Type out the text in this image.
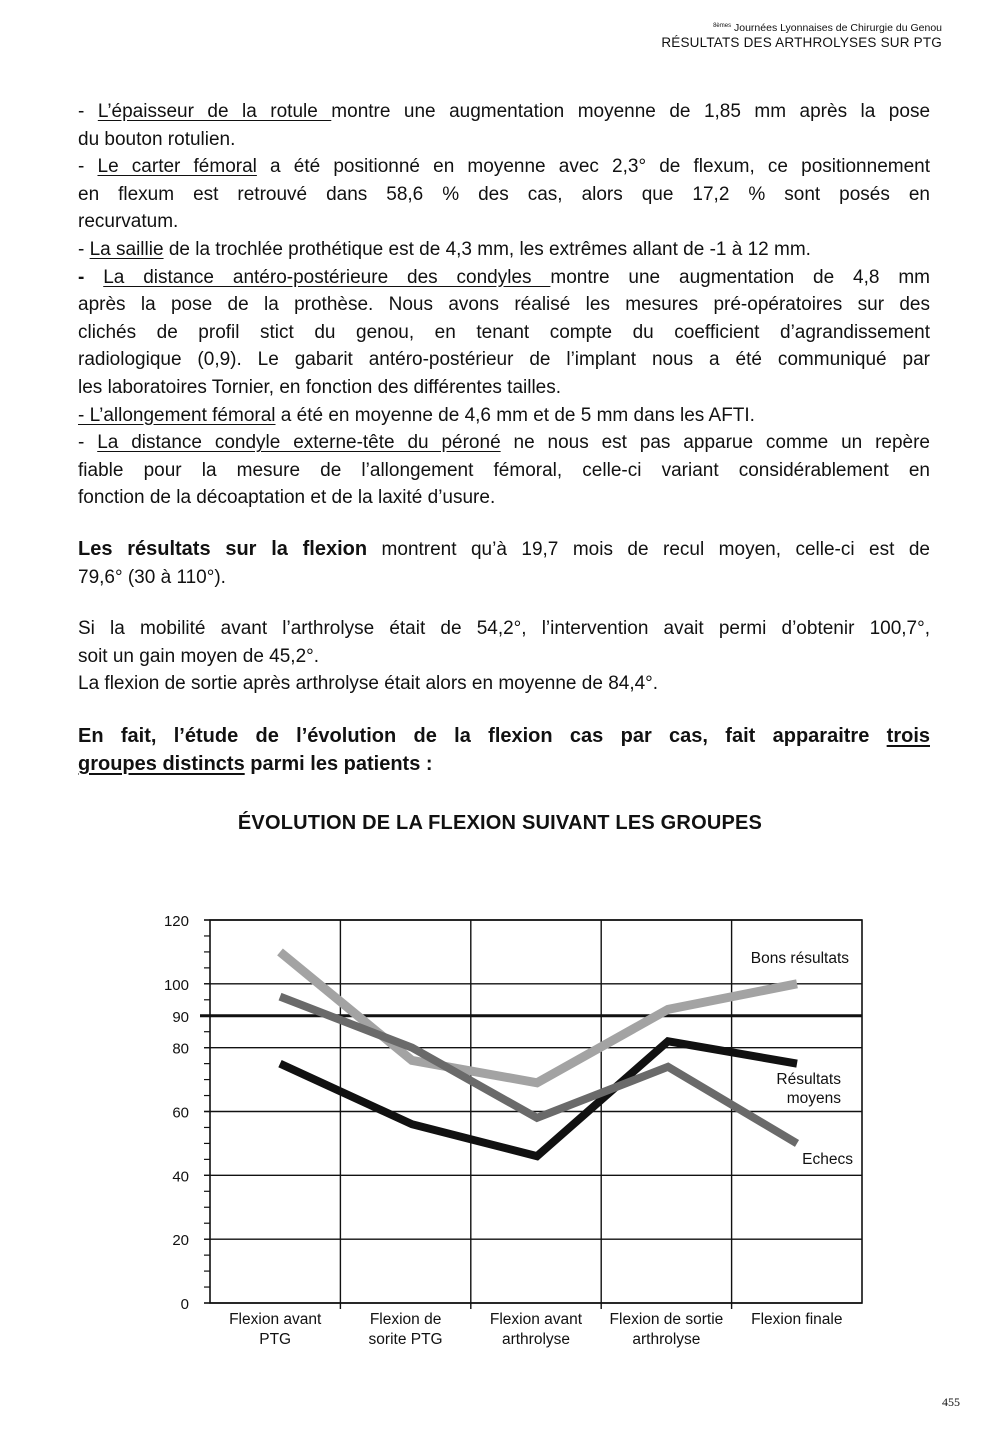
$^{8èmes}$ Journées Lyonnaises de Chirurgie du Genou
RÉSULTATS DES ARTHROLYSES SUR PTG

- L’épaisseur de la rotule montre une augmentation moyenne de 1,85 mm après la pose

du bouton rotulien.

- Le carter fémoral a été positionné en moyenne avec 2,3° de flexum, ce positionnement

en flexum est retrouvé dans 58,6 % des cas, alors que 17,2 % sont posés en

recurvatum.

- La saillie de la trochlée prothétique est de 4,3 mm, les extrêmes allant de -1 à 12 mm.

- La distance antéro-postérieure des condyles montre une augmentation de 4,8 mm

après la pose de la prothèse. Nous avons réalisé les mesures pré-opératoires sur des

clichés de profil stict du genou, en tenant compte du coefficient d’agrandissement

radiologique (0,9). Le gabarit antéro-postérieur de l’implant nous a été communiqué par

les laboratoires Tornier, en fonction des différentes tailles.

- L’allongement fémoral a été en moyenne de 4,6 mm et de 5 mm dans les AFTI.

- La distance condyle externe-tête du péroné ne nous est pas apparue comme un repère

fiable pour la mesure de l’allongement fémoral, celle-ci variant considérablement en

fonction de la décoaptation et de la laxité d’usure.

Les résultats sur la flexion montrent qu’à 19,7 mois de recul moyen, celle-ci est de

79,6° (30 à 110°).

Si la mobilité avant l’arthrolyse était de 54,2°, l’intervention avait permi d’obtenir 100,7°,

soit un gain moyen de 45,2°.

La flexion de sortie après arthrolyse était alors en moyenne de 84,4°.

En fait, l’étude de l’évolution de la flexion cas par cas, fait apparaitre trois

groupes distincts parmi les patients :

ÉVOLUTION DE LA FLEXION SUIVANT LES GROUPES
0
20
40
60
80
90
100
120
Flexion avant PTG
Flexion de sorite PTG
Flexion avant arthrolyse
Flexion de sortie arthrolyse
Flexion finale
Bons résultats
Résultats moyens
Echecs
455
